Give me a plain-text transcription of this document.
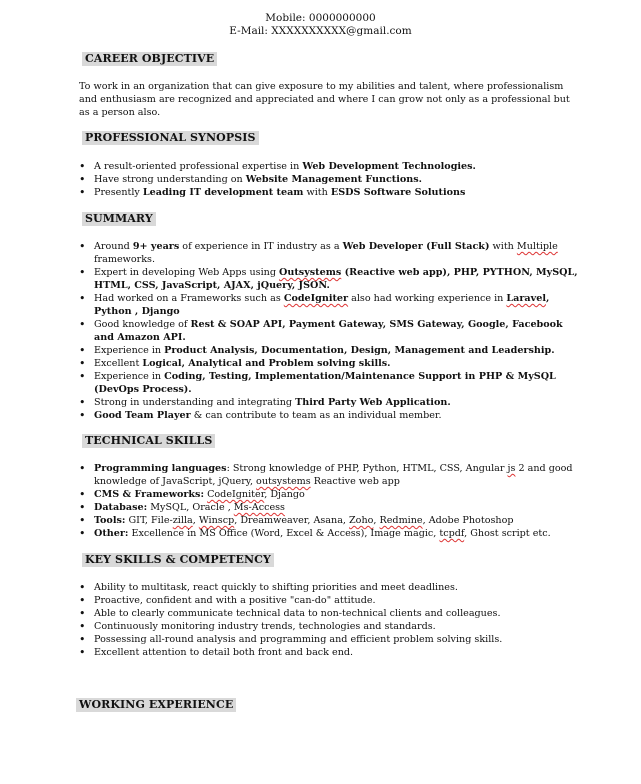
Mobile: 0000000000
E-Mail: XXXXXXXXXX@gmail.com
CAREER OBJECTIVE
To work in an organization that can give exposure to my abilities and talent, where professionalism and enthusiasm are recognized and appreciated and where I can grow not only as a professional but as a person also.
PROFESSIONAL SYNOPSIS
• A result-oriented professional expertise in Web Development Technologies.
• Have strong understanding on Website Management Functions.
• Presently Leading IT development team with ESDS Software Solutions
SUMMARY
• Around 9+ years of experience in IT industry as a Web Developer (Full Stack) with Multiple frameworks.
• Expert in developing Web Apps using Outsystems (Reactive web app), PHP, PYTHON, MySQL, HTML, CSS, JavaScript, AJAX, jQuery, JSON.
• Had worked on a Frameworks such as CodeIgniter also had working experience in Laravel, Python , Django
• Good knowledge of Rest & SOAP API, Payment Gateway, SMS Gateway, Google, Facebook and Amazon API.
• Experience in Product Analysis, Documentation, Design, Management and Leadership.
• Excellent Logical, Analytical and Problem solving skills.
• Experience in Coding, Testing, Implementation/Maintenance Support in PHP & MySQL (DevOps Process).
• Strong in understanding and integrating Third Party Web Application.
• Good Team Player & can contribute to team as an individual member.
TECHNICAL SKILLS
• Programming languages: Strong knowledge of PHP, Python, HTML, CSS, Angular js 2 and good knowledge of JavaScript, jQuery, outsystems Reactive web app
• CMS & Frameworks: CodeIgniter, Django
• Database: MySQL, Oracle , Ms-Access
• Tools: GIT, File-zilla, Winscp, Dreamweaver, Asana, Zoho, Redmine, Adobe Photoshop
• Other: Excellence in MS Office (Word, Excel & Access), Image magic, tcpdf, Ghost script etc.
KEY SKILLS & COMPETENCY
• Ability to multitask, react quickly to shifting priorities and meet deadlines.
• Proactive, confident and with a positive "can-do" attitude.
• Able to clearly communicate technical data to non-technical clients and colleagues.
• Continuously monitoring industry trends, technologies and standards.
• Possessing all-round analysis and programming and efficient problem solving skills.
• Excellent attention to detail both front and back end.
WORKING EXPERIENCE
